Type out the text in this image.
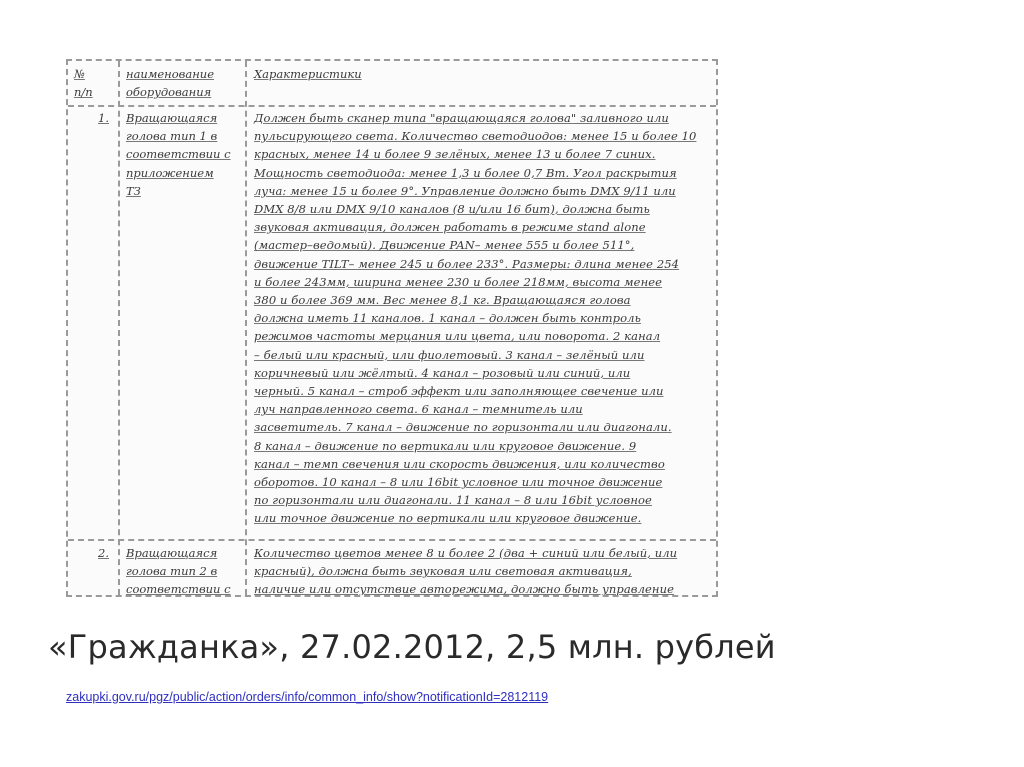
№
п/п
наименование
оборудования
Характеристики
1. Вращающаяся
голова тип 1 в
соответствии с
приложением
ТЗ
Должен быть сканер типа "вращающаяся голова" заливного или
пульсирующего света. Количество светодиодов: менее 15 и более 10
красных, менее 14 и более 9 зелёных, менее 13 и более 7 синих.
Мощность светодиода: менее 1,3 и более 0,7 Вт. Угол раскрытия
луча: менее 15 и более 9°. Управление должно быть DMX 9/11 или
DMX 8/8 или DMX 9/10 каналов (8 и/или 16 бит), должна быть
звуковая активация, должен работать в режиме stand alone
(мастер–ведомый). Движение PAN– менее 555 и более 511°,
движение TILT– менее 245 и более 233°. Размеры: длина менее 254
и более 243мм, ширина менее 230 и более 218мм, высота менее
380 и более 369 мм. Вес менее 8,1 кг. Вращающаяся голова
должна иметь 11 каналов. 1 канал – должен быть контроль
режимов частоты мерцания или цвета, или поворота. 2 канал
– белый или красный, или фиолетовый. 3 канал – зелёный или
коричневый или жёлтый. 4 канал – розовый или синий, или
черный. 5 канал – строб эффект или заполняющее свечение или
луч направленного света. 6 канал – темнитель или
засветитель. 7 канал – движение по горизонтали или диагонали.
8 канал – движение по вертикали или круговое движение. 9
канал – темп свечения или скорость движения, или количество
оборотов. 10 канал – 8 или 16bit условное или точное движение
по горизонтали или диагонали. 11 канал – 8 или 16bit условное
или точное движение по вертикали или круговое движение.
2. Вращающаяся
голова тип 2 в
соответствии с
Количество цветов менее 8 и более 2 (два + синий или белый, или
красный), должна быть звуковая или световая активация,
наличие или отсутствие авторежима, должно быть управление
«Гражданка», 27.02.2012, 2,5 млн. рублей
zakupki.gov.ru/pgz/public/action/orders/info/common_info/show?notificationId=2812119
